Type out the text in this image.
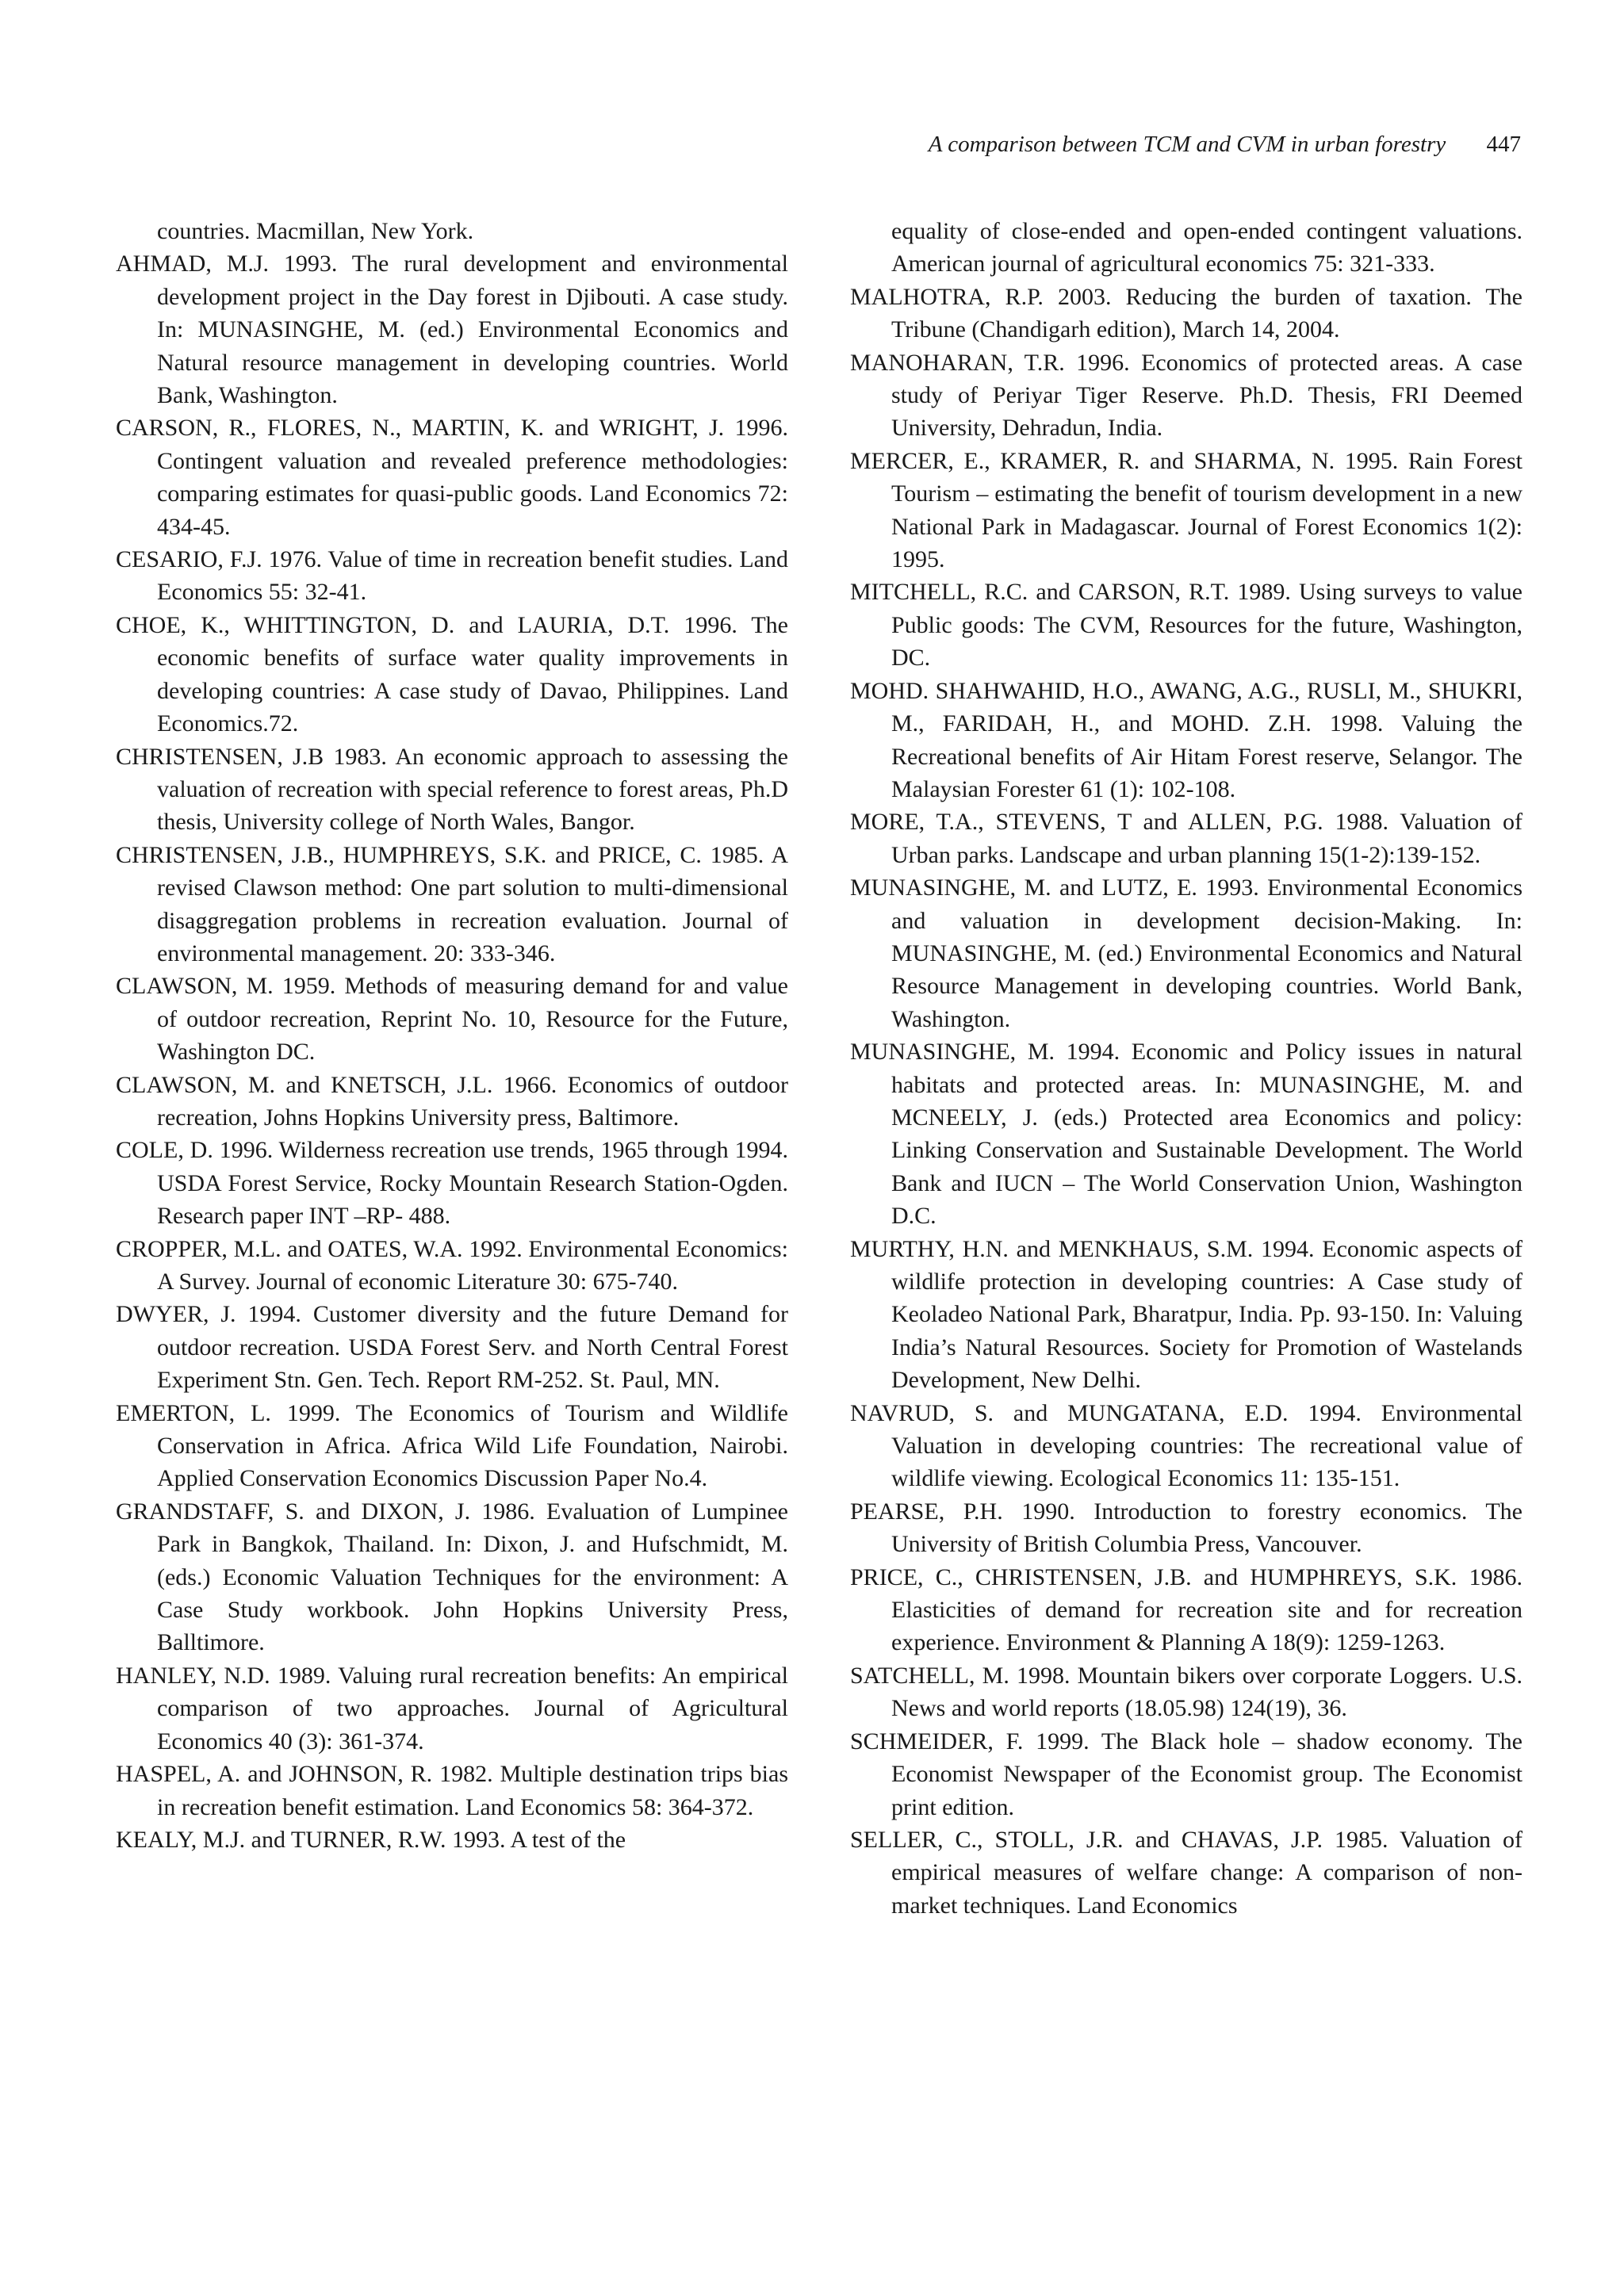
A comparison between TCM and CVM in urban forestry 447

countries. Macmillan, New York.

AHMAD, M.J. 1993. The rural development and environmental development project in the Day forest in Djibouti. A case study. In: MUNASINGHE, M. (ed.) Environmental Economics and Natural resource management in developing countries. World Bank, Washington.

CARSON, R., FLORES, N., MARTIN, K. and WRIGHT, J. 1996. Contingent valuation and revealed preference methodologies: comparing estimates for quasi-public goods. Land Economics 72: 434-45.

CESARIO, F.J. 1976. Value of time in recreation benefit studies. Land Economics 55: 32-41.

CHOE, K., WHITTINGTON, D. and LAURIA, D.T. 1996. The economic benefits of surface water quality improvements in developing countries: A case study of Davao, Philippines. Land Economics.72.

CHRISTENSEN, J.B 1983. An economic approach to assessing the valuation of recreation with special reference to forest areas, Ph.D thesis, University college of North Wales, Bangor.

CHRISTENSEN, J.B., HUMPHREYS, S.K. and PRICE, C. 1985. A revised Clawson method: One part solution to multi-dimensional disaggregation problems in recreation evaluation. Journal of environmental management. 20: 333-346.

CLAWSON, M. 1959. Methods of measuring demand for and value of outdoor recreation, Reprint No. 10, Resource for the Future, Washington DC.

CLAWSON, M. and KNETSCH, J.L. 1966. Economics of outdoor recreation, Johns Hopkins University press, Baltimore.

COLE, D. 1996. Wilderness recreation use trends, 1965 through 1994. USDA Forest Service, Rocky Mountain Research Station-Ogden. Research paper INT –RP- 488.

CROPPER, M.L. and OATES, W.A. 1992. Environmental Economics: A Survey. Journal of economic Literature 30: 675-740.

DWYER, J. 1994. Customer diversity and the future Demand for outdoor recreation. USDA Forest Serv. and North Central Forest Experiment Stn. Gen. Tech. Report RM-252. St. Paul, MN.

EMERTON, L. 1999. The Economics of Tourism and Wildlife Conservation in Africa. Africa Wild Life Foundation, Nairobi. Applied Conservation Economics Discussion Paper No.4.

GRANDSTAFF, S. and DIXON, J. 1986. Evaluation of Lumpinee Park in Bangkok, Thailand. In: Dixon, J. and Hufschmidt, M. (eds.) Economic Valuation Techniques for the environment: A Case Study workbook. John Hopkins University Press, Balltimore.

HANLEY, N.D. 1989. Valuing rural recreation benefits: An empirical comparison of two approaches. Journal of Agricultural Economics 40 (3): 361-374.

HASPEL, A. and JOHNSON, R. 1982. Multiple destination trips bias in recreation benefit estimation. Land Economics 58: 364-372.

KEALY, M.J. and TURNER, R.W. 1993. A test of the

equality of close-ended and open-ended contingent valuations. American journal of agricultural economics 75: 321-333.

MALHOTRA, R.P. 2003. Reducing the burden of taxation. The Tribune (Chandigarh edition), March 14, 2004.

MANOHARAN, T.R. 1996. Economics of protected areas. A case study of Periyar Tiger Reserve. Ph.D. Thesis, FRI Deemed University, Dehradun, India.

MERCER, E., KRAMER, R. and SHARMA, N. 1995. Rain Forest Tourism – estimating the benefit of tourism development in a new National Park in Madagascar. Journal of Forest Economics 1(2): 1995.

MITCHELL, R.C. and CARSON, R.T. 1989. Using surveys to value Public goods: The CVM, Resources for the future, Washington, DC.

MOHD. SHAHWAHID, H.O., AWANG, A.G., RUSLI, M., SHUKRI, M., FARIDAH, H., and MOHD. Z.H. 1998. Valuing the Recreational benefits of Air Hitam Forest reserve, Selangor. The Malaysian Forester 61 (1): 102-108.

MORE, T.A., STEVENS, T and ALLEN, P.G. 1988. Valuation of Urban parks. Landscape and urban planning 15(1-2):139-152.

MUNASINGHE, M. and LUTZ, E. 1993. Environmental Economics and valuation in development decision-Making. In: MUNASINGHE, M. (ed.) Environmental Economics and Natural Resource Management in developing countries. World Bank, Washington.

MUNASINGHE, M. 1994. Economic and Policy issues in natural habitats and protected areas. In: MUNASINGHE, M. and MCNEELY, J. (eds.) Protected area Economics and policy: Linking Conservation and Sustainable Development. The World Bank and IUCN – The World Conservation Union, Washington D.C.

MURTHY, H.N. and MENKHAUS, S.M. 1994. Economic aspects of wildlife protection in developing countries: A Case study of Keoladeo National Park, Bharatpur, India. Pp. 93-150. In: Valuing India’s Natural Resources. Society for Promotion of Wastelands Development, New Delhi.

NAVRUD, S. and MUNGATANA, E.D. 1994. Environmental Valuation in developing countries: The recreational value of wildlife viewing. Ecological Economics 11: 135-151.

PEARSE, P.H. 1990. Introduction to forestry economics. The University of British Columbia Press, Vancouver.

PRICE, C., CHRISTENSEN, J.B. and HUMPHREYS, S.K. 1986. Elasticities of demand for recreation site and for recreation experience. Environment & Planning A 18(9): 1259-1263.

SATCHELL, M. 1998. Mountain bikers over corporate Loggers. U.S. News and world reports (18.05.98) 124(19), 36.

SCHMEIDER, F. 1999. The Black hole – shadow economy. The Economist Newspaper of the Economist group. The Economist print edition.

SELLER, C., STOLL, J.R. and CHAVAS, J.P. 1985. Valuation of empirical measures of welfare change: A comparison of non-market techniques. Land Economics
